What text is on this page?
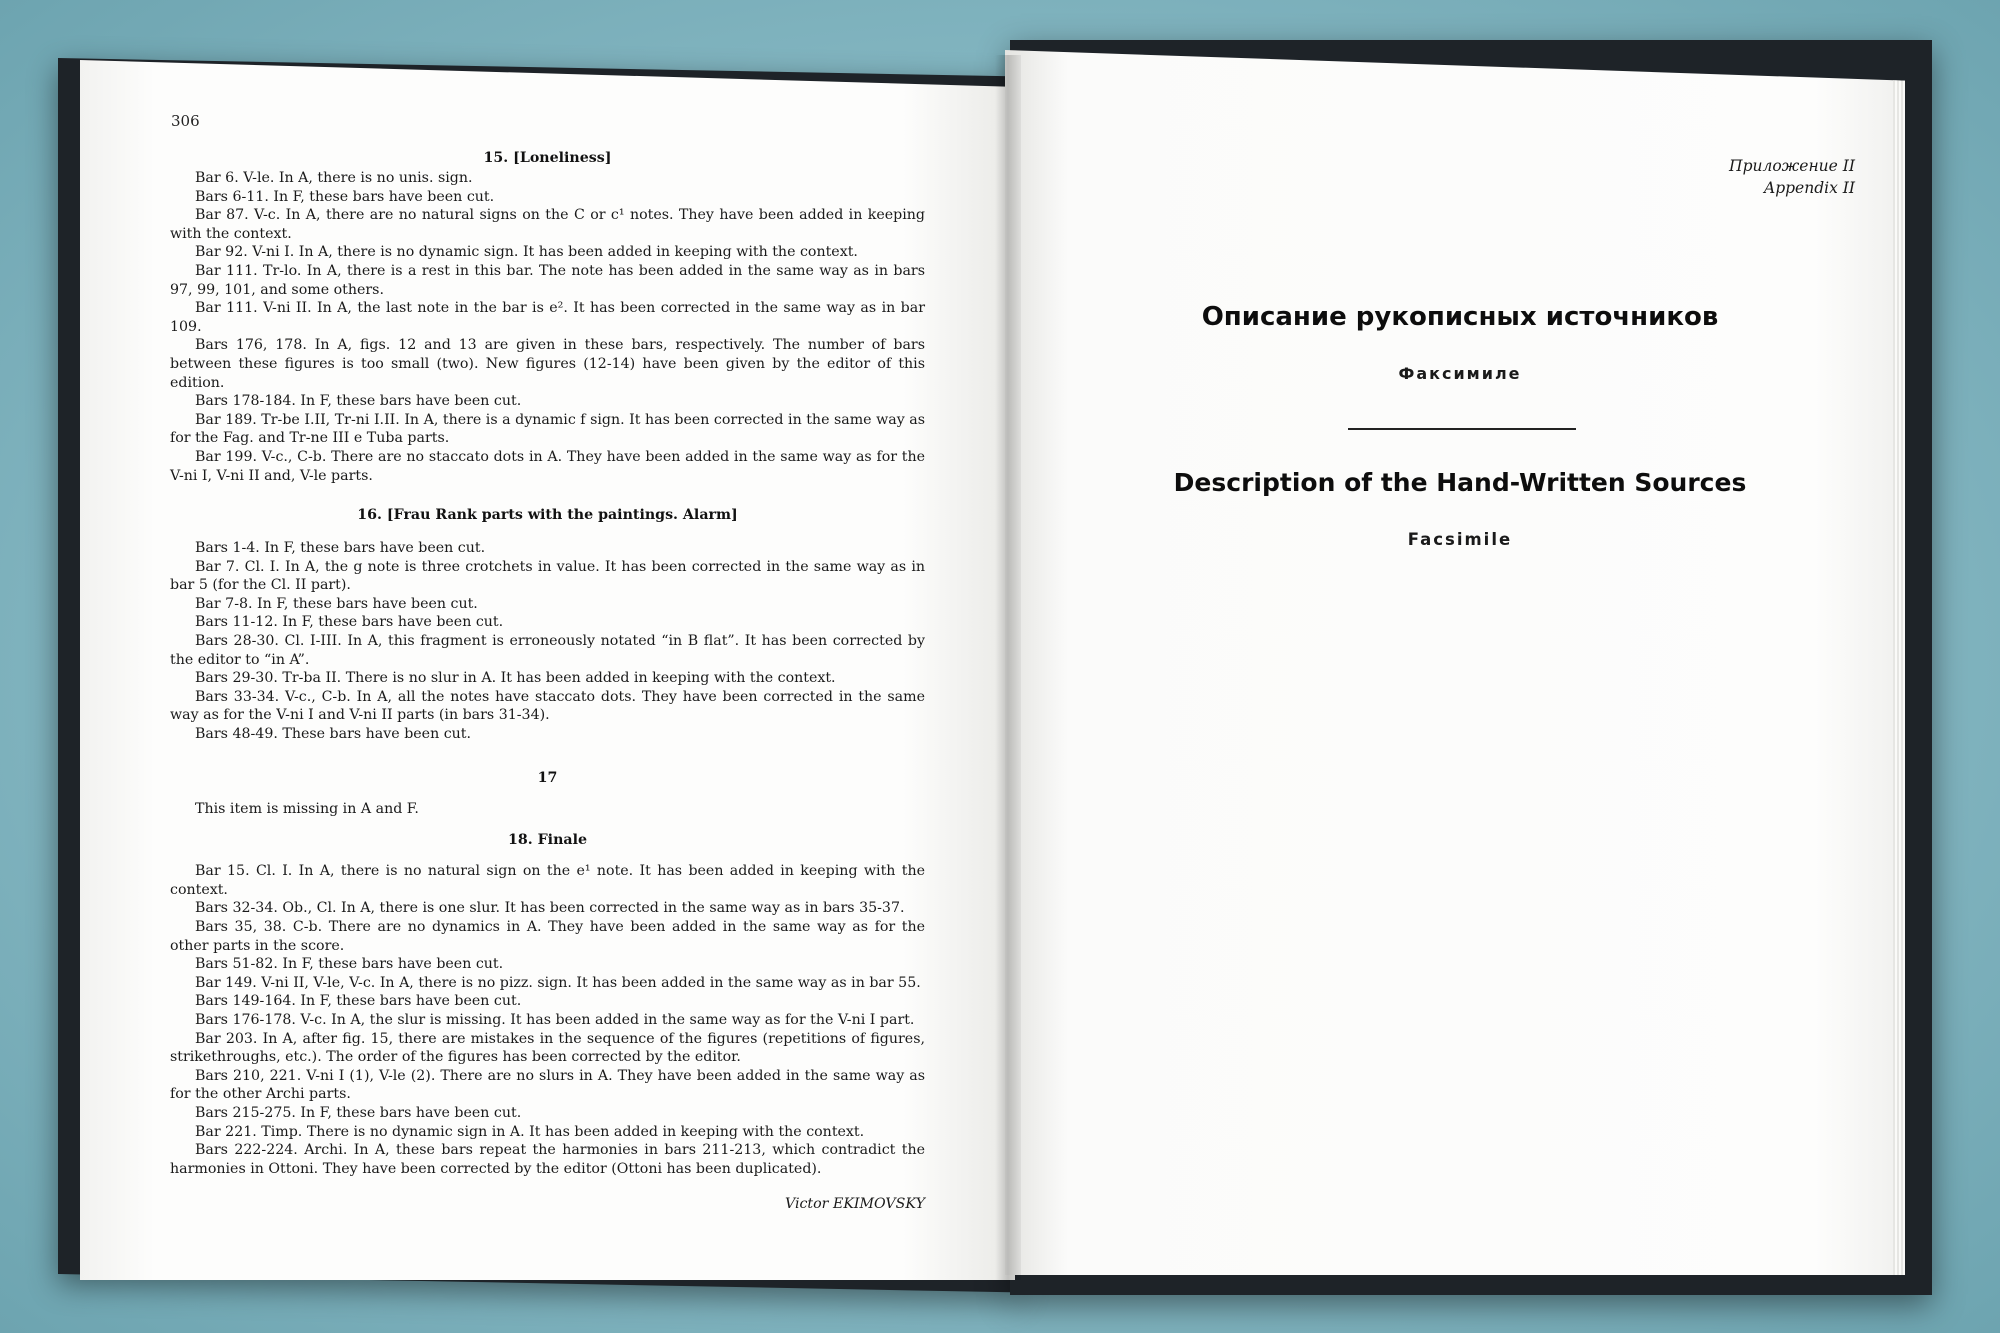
306

15. [Loneliness]

Bar 6. V-le. In A, there is no unis. sign.

Bars 6-11. In F, these bars have been cut.

Bar 87. V-c. In A, there are no natural signs on the C or c¹ notes. They have been added in keeping with the context.

Bar 92. V-ni I. In A, there is no dynamic sign. It has been added in keeping with the context.

Bar 111. Tr-lo. In A, there is a rest in this bar. The note has been added in the same way as in bars 97, 99, 101, and some others.

Bar 111. V-ni II. In A, the last note in the bar is e². It has been corrected in the same way as in bar 109.

Bars 176, 178. In A, figs. 12 and 13 are given in these bars, respectively. The number of bars between these figures is too small (two). New figures (12-14) have been given by the editor of this edition.

Bars 178-184. In F, these bars have been cut.

Bar 189. Tr-be I.II, Tr-ni I.II. In A, there is a dynamic f sign. It has been corrected in the same way as for the Fag. and Tr-ne III e Tuba parts.

Bar 199. V-c., C-b. There are no staccato dots in A. They have been added in the same way as for the V-ni I, V-ni II and, V-le parts.

16. [Frau Rank parts with the paintings. Alarm]

Bars 1-4. In F, these bars have been cut.

Bar 7. Cl. I. In A, the g note is three crotchets in value. It has been corrected in the same way as in bar 5 (for the Cl. II part).

Bar 7-8. In F, these bars have been cut.

Bars 11-12. In F, these bars have been cut.

Bars 28-30. Cl. I-III. In A, this fragment is erroneously notated “in B flat”. It has been corrected by the editor to “in A”.

Bars 29-30. Tr-ba II. There is no slur in A. It has been added in keeping with the context.

Bars 33-34. V-c., C-b. In A, all the notes have staccato dots. They have been corrected in the same way as for the V-ni I and V-ni II parts (in bars 31-34).

Bars 48-49. These bars have been cut.

17

This item is missing in A and F.

18. Finale

Bar 15. Cl. I. In A, there is no natural sign on the e¹ note. It has been added in keeping with the context.

Bars 32-34. Ob., Cl. In A, there is one slur. It has been corrected in the same way as in bars 35-37.

Bars 35, 38. C-b. There are no dynamics in A. They have been added in the same way as for the other parts in the score.

Bars 51-82. In F, these bars have been cut.

Bar 149. V-ni II, V-le, V-c. In A, there is no pizz. sign. It has been added in the same way as in bar 55.

Bars 149-164. In F, these bars have been cut.

Bars 176-178. V-c. In A, the slur is missing. It has been added in the same way as for the V-ni I part.

Bar 203. In A, after fig. 15, there are mistakes in the sequence of the figures (repetitions of figures, strikethroughs, etc.). The order of the figures has been corrected by the editor.

Bars 210, 221. V-ni I (1), V-le (2). There are no slurs in A. They have been added in the same way as for the other Archi parts.

Bars 215-275. In F, these bars have been cut.

Bar 221. Timp. There is no dynamic sign in A. It has been added in keeping with the context.

Bars 222-224. Archi. In A, these bars repeat the harmonies in bars 211-213, which contradict the harmonies in Ottoni. They have been corrected by the editor (Ottoni has been duplicated).

Victor EKIMOVSKY

Приложение II
Appendix II
Описание рукописных источников
Факсимиле
Description of the Hand-Written Sources
Facsimile
